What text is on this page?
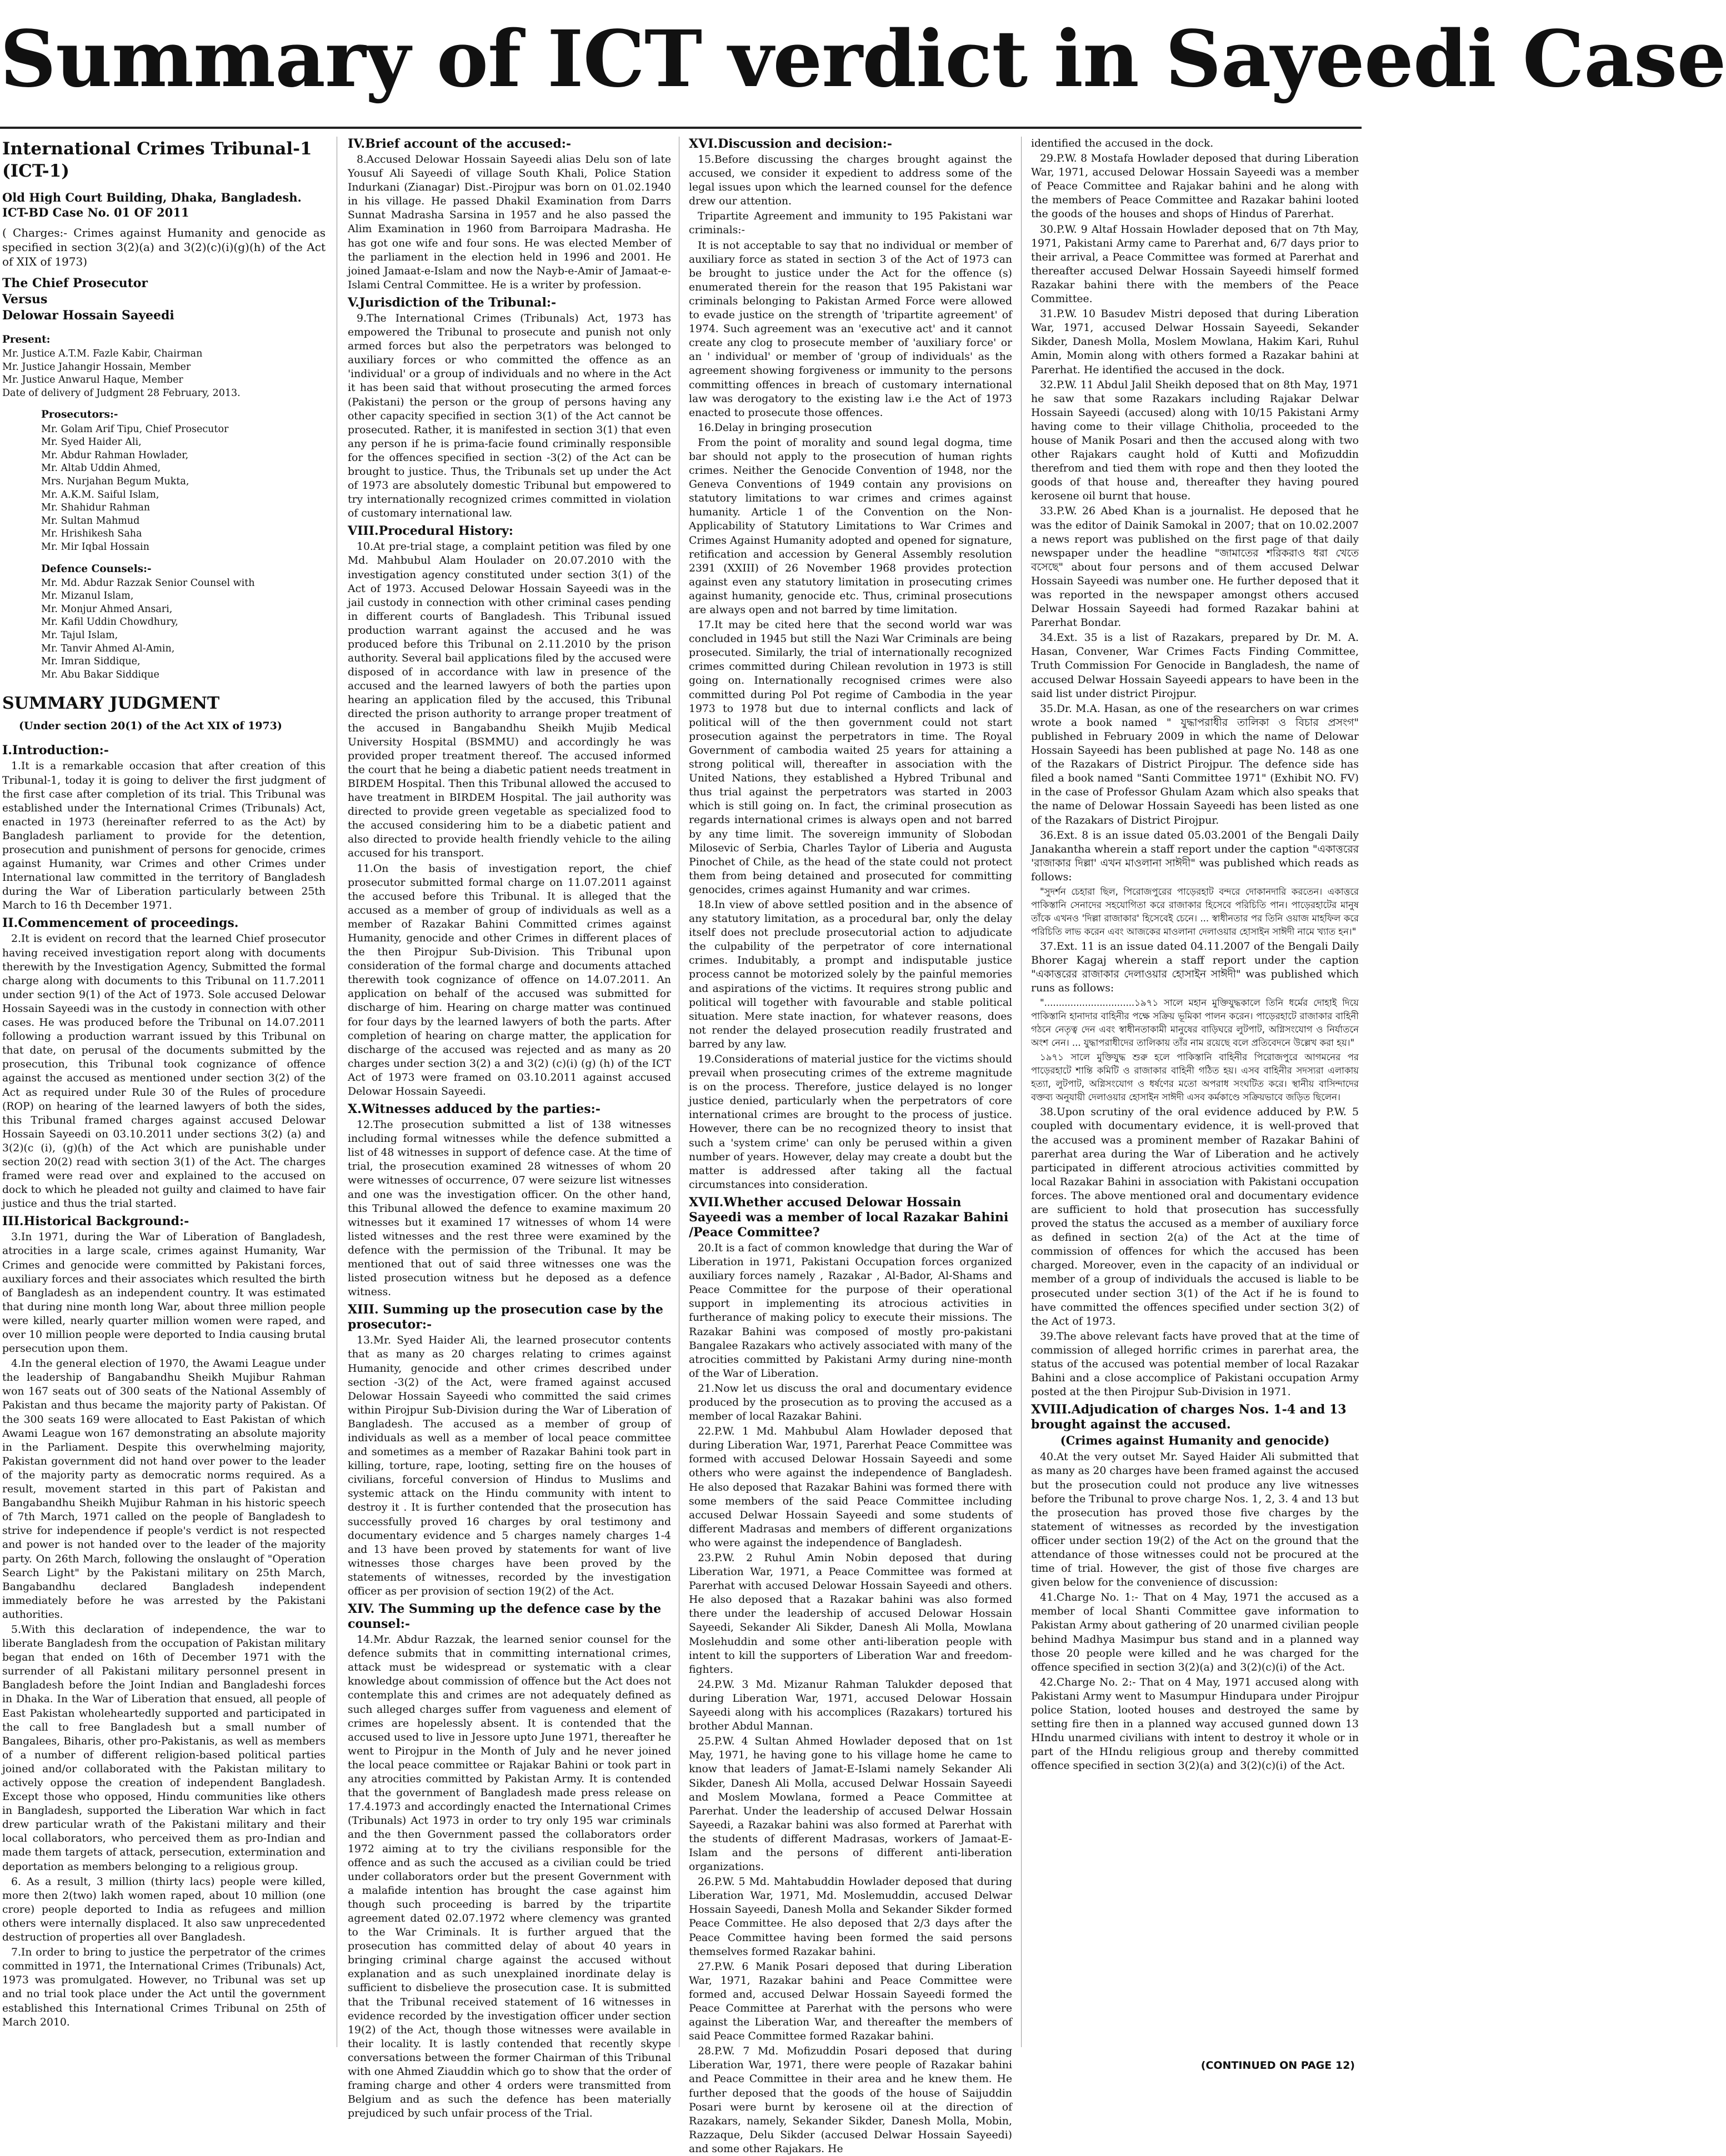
Summary of ICT verdict in Sayeedi Case
International Crimes Tribunal-1 (ICT-1)
Old High Court Building, Dhaka, Bangladesh.
ICT-BD Case No. 01 OF 2011
( Charges:- Crimes against Humanity and genocide as specified in section 3(2)(a) and 3(2)(c)(i)(g)(h) of the Act of XIX of 1973)
The Chief Prosecutor
Versus
Delowar Hossain Sayeedi
Present:
Mr. Justice A.T.M. Fazle Kabir, Chairman
Mr. Justice Jahangir Hossain, Member
Mr. Justice Anwarul Haque, Member
Date of delivery of Judgment 28 February, 2013.
Prosecutors:-
Mr. Golam Arif Tipu, Chief Prosecutor
Mr. Syed Haider Ali,
Mr. Abdur Rahman Howlader,
Mr. Altab Uddin Ahmed,
Mrs. Nurjahan Begum Mukta,
Mr. A.K.M. Saiful Islam,
Mr. Shahidur Rahman
Mr. Sultan Mahmud
Mr. Hrishikesh Saha
Mr. Mir Iqbal Hossain
Defence Counsels:-
Mr. Md. Abdur Razzak Senior Counsel with
Mr. Mizanul Islam,
Mr. Monjur Ahmed Ansari,
Mr. Kafil Uddin Chowdhury,
Mr. Tajul Islam,
Mr. Tanvir Ahmed Al-Amin,
Mr. Imran Siddique,
Mr. Abu Bakar Siddique
SUMMARY JUDGMENT
(Under section 20(1) of the Act XIX of 1973)
I.Introduction:-

1.It is a remarkable occasion that after creation of this Tribunal-1, today it is going to deliver the first judgment of the first case after completion of its trial. This Tribunal was established under the International Crimes (Tribunals) Act, enacted in 1973 (hereinafter referred to as the Act) by Bangladesh parliament to provide for the detention, prosecution and punishment of persons for genocide, crimes against Humanity, war Crimes and other Crimes under International law committed in the territory of Bangladesh during the War of Liberation particularly between 25th March to 16 th December 1971.

II.Commencement of proceedings.

2.It is evident on record that the learned Chief prosecutor having received investigation report along with documents therewith by the Investigation Agency, Submitted the formal charge along with documents to this Tribunal on 11.7.2011 under section 9(1) of the Act of 1973. Sole accused Delowar Hossain Sayeedi was in the custody in connection with other cases. He was produced before the Tribunal on 14.07.2011 following a production warrant issued by this Tribunal on that date, on perusal of the documents submitted by the prosecution, this Tribunal took cognizance of offence against the accused as mentioned under section 3(2) of the Act as required under Rule 30 of the Rules of procedure (ROP) on hearing of the learned lawyers of both the sides, this Tribunal framed charges against accused Delowar Hossain Sayeedi on 03.10.2011 under sections 3(2) (a) and 3(2)(c (i), (g)(h) of the Act which are punishable under section 20(2) read with section 3(1) of the Act. The charges framed were read over and explained to the accused on dock to which he pleaded not guilty and claimed to have fair justice and thus the trial started.

III.Historical Background:-

3.In 1971, during the War of Liberation of Bangladesh, atrocities in a large scale, crimes against Humanity, War Crimes and genocide were committed by Pakistani forces, auxiliary forces and their associates which resulted the birth of Bangladesh as an independent country. It was estimated that during nine month long War, about three million people were killed, nearly quarter million women were raped, and over 10 million people were deported to India causing brutal persecution upon them.

4.In the general election of 1970, the Awami League under the leadership of Bangabandhu Sheikh Mujibur Rahman won 167 seats out of 300 seats of the National Assembly of Pakistan and thus became the majority party of Pakistan. Of the 300 seats 169 were allocated to East Pakistan of which Awami League won 167 demonstrating an absolute majority in the Parliament. Despite this overwhelming majority, Pakistan government did not hand over power to the leader of the majority party as democratic norms required. As a result, movement started in this part of Pakistan and Bangabandhu Sheikh Mujibur Rahman in his historic speech of 7th March, 1971 called on the people of Bangladesh to strive for independence if people's verdict is not respected and power is not handed over to the leader of the majority party. On 26th March, following the onslaught of "Operation Search Light" by the Pakistani military on 25th March, Bangabandhu declared Bangladesh independent immediately before he was arrested by the Pakistani authorities.

5.With this declaration of independence, the war to liberate Bangladesh from the occupation of Pakistan military began that ended on 16th of December 1971 with the surrender of all Pakistani military personnel present in Bangladesh before the Joint Indian and Bangladeshi forces in Dhaka. In the War of Liberation that ensued, all people of East Pakistan wholeheartedly supported and participated in the call to free Bangladesh but a small number of Bangalees, Biharis, other pro-Pakistanis, as well as members of a number of different religion-based political parties joined and/or collaborated with the Pakistan military to actively oppose the creation of independent Bangladesh. Except those who opposed, Hindu communities like others in Bangladesh, supported the Liberation War which in fact drew particular wrath of the Pakistani military and their local collaborators, who perceived them as pro-Indian and made them targets of attack, persecution, extermination and deportation as members belonging to a religious group.

6. As a result, 3 million (thirty lacs) people were killed, more then 2(two) lakh women raped, about 10 million (one crore) people deported to India as refugees and million others were internally displaced. It also saw unprecedented destruction of properties all over Bangladesh.

7.In order to bring to justice the perpetrator of the crimes committed in 1971, the International Crimes (Tribunals) Act, 1973 was promulgated. However, no Tribunal was set up and no trial took place under the Act until the government established this International Crimes Tribunal on 25th of March 2010.

IV.Brief account of the accused:-

8.Accused Delowar Hossain Sayeedi alias Delu son of late Yousuf Ali Sayeedi of village South Khali, Police Station Indurkani (Zianagar) Dist.-Pirojpur was born on 01.02.1940 in his village. He passed Dhakil Examination from Darrs Sunnat Madrasha Sarsina in 1957 and he also passed the Alim Examination in 1960 from Barroipara Madrasha. He has got one wife and four sons. He was elected Member of the parliament in the election held in 1996 and 2001. He joined Jamaat-e-Islam and now the Nayb-e-Amir of Jamaat-e-Islami Central Committee. He is a writer by profession.

V.Jurisdiction of the Tribunal:-

9.The International Crimes (Tribunals) Act, 1973 has empowered the Tribunal to prosecute and punish not only armed forces but also the perpetrators was belonged to auxiliary forces or who committed the offence as an 'individual' or a group of individuals and no where in the Act it has been said that without prosecuting the armed forces (Pakistani) the person or the group of persons having any other capacity specified in section 3(1) of the Act cannot be prosecuted. Rather, it is manifested in section 3(1) that even any person if he is prima-facie found criminally responsible for the offences specified in section -3(2) of the Act can be brought to justice. Thus, the Tribunals set up under the Act of 1973 are absolutely domestic Tribunal but empowered to try internationally recognized crimes committed in violation of customary international law.

VIII.Procedural History:

10.At pre-trial stage, a complaint petition was filed by one Md. Mahbubul Alam Houlader on 20.07.2010 with the investigation agency constituted under section 3(1) of the Act of 1973. Accused Delowar Hossain Sayeedi was in the jail custody in connection with other criminal cases pending in different courts of Bangladesh. This Tribunal issued production warrant against the accused and he was produced before this Tribunal on 2.11.2010 by the prison authority. Several bail applications filed by the accused were disposed of in accordance with law in presence of the accused and the learned lawyers of both the parties upon hearing an application filed by the accused, this Tribunal directed the prison authority to arrange proper treatment of the accused in Bangabandhu Sheikh Mujib Medical University Hospital (BSMMU) and accordingly he was provided proper treatment thereof. The accused informed the court that he being a diabetic patient needs treatment in BIRDEM Hospital. Then this Tribunal allowed the accused to have treatment in BIRDEM Hospital. The jail authority was directed to provide green vegetable as specialized food to the accused considering him to be a diabetic patient and also directed to provide health friendly vehicle to the ailing accused for his transport.

11.On the basis of investigation report, the chief prosecutor submitted formal charge on 11.07.2011 against the accused before this Tribunal. It is alleged that the accused as a member of group of individuals as well as a member of Razakar Bahini Committed crimes against Humanity, genocide and other Crimes in different places of the then Pirojpur Sub-Division. This Tribunal upon consideration of the formal charge and documents attached therewith took cognizance of offence on 14.07.2011. An application on behalf of the accused was submitted for discharge of him. Hearing on charge matter was continued for four days by the learned lawyers of both the parts. After completion of hearing on charge matter, the application for discharge of the accused was rejected and as many as 20 charges under section 3(2) a and 3(2) (c)(i) (g) (h) of the ICT Act of 1973 were framed on 03.10.2011 against accused Delowar Hossain Sayeedi.

X.Witnesses adduced by the parties:-

12.The prosecution submitted a list of 138 witnesses including formal witnesses while the defence submitted a list of 48 witnesses in support of defence case. At the time of trial, the prosecution examined 28 witnesses of whom 20 were witnesses of occurrence, 07 were seizure list witnesses and one was the investigation officer. On the other hand, this Tribunal allowed the defence to examine maximum 20 witnesses but it examined 17 witnesses of whom 14 were listed witnesses and the rest three were examined by the defence with the permission of the Tribunal. It may be mentioned that out of said three witnesses one was the listed prosecution witness but he deposed as a defence witness.

XIII. Summing up the prosecution case by the prosecutor:-

13.Mr. Syed Haider Ali, the learned prosecutor contents that as many as 20 charges relating to crimes against Humanity, genocide and other crimes described under section -3(2) of the Act, were framed against accused Delowar Hossain Sayeedi who committed the said crimes within Pirojpur Sub-Division during the War of Liberation of Bangladesh. The accused as a member of group of individuals as well as a member of local peace committee and sometimes as a member of Razakar Bahini took part in killing, torture, rape, looting, setting fire on the houses of civilians, forceful conversion of Hindus to Muslims and systemic attack on the Hindu community with intent to destroy it . It is further contended that the prosecution has successfully proved 16 charges by oral testimony and documentary evidence and 5 charges namely charges 1-4 and 13 have been proved by statements for want of live witnesses those charges have been proved by the statements of witnesses, recorded by the investigation officer as per provision of section 19(2) of the Act.

XIV. The Summing up the defence case by the counsel:-

14.Mr. Abdur Razzak, the learned senior counsel for the defence submits that in committing international crimes, attack must be widespread or systematic with a clear knowledge about commission of offence but the Act does not contemplate this and crimes are not adequately defined as such alleged charges suffer from vagueness and element of crimes are hopelessly absent. It is contended that the accused used to live in Jessore upto June 1971, thereafter he went to Pirojpur in the Month of July and he never joined the local peace committee or Rajakar Bahini or took part in any atrocities committed by Pakistan Army. It is contended that the government of Bangladesh made press release on 17.4.1973 and accordingly enacted the International Crimes (Tribunals) Act 1973 in order to try only 195 war criminals and the then Government passed the collaborators order 1972 aiming at to try the civilians responsible for the offence and as such the accused as a civilian could be tried under collaborators order but the present Government with a malafide intention has brought the case against him though such proceeding is barred by the tripartite agreement dated 02.07.1972 where clemency was granted to the War Criminals. It is further argued that the prosecution has committed delay of about 40 years in bringing criminal charge against the accused without explanation and as such unexplained inordinate delay is sufficient to disbelieve the prosecution case. It is submitted that the Tribunal received statement of 16 witnesses in evidence recorded by the investigation officer under section 19(2) of the Act, though those witnesses were available in their locality. It is lastly contended that recently skype conversations between the former Chairman of this Tribunal with one Ahmed Ziauddin which go to show that the order of framing charge and other 4 orders were transmitted from Belgium and as such the defence has been materially prejudiced by such unfair process of the Trial.

XVI.Discussion and decision:-

15.Before discussing the charges brought against the accused, we consider it expedient to address some of the legal issues upon which the learned counsel for the defence drew our attention.

Tripartite Agreement and immunity to 195 Pakistani war criminals:-

It is not acceptable to say that no individual or member of auxiliary force as stated in section 3 of the Act of 1973 can be brought to justice under the Act for the offence (s) enumerated therein for the reason that 195 Pakistani war criminals belonging to Pakistan Armed Force were allowed to evade justice on the strength of 'tripartite agreement' of 1974. Such agreement was an 'executive act' and it cannot create any clog to prosecute member of 'auxiliary force' or an ' individual' or member of 'group of individuals' as the agreement showing forgiveness or immunity to the persons committing offences in breach of customary international law was derogatory to the existing law i.e the Act of 1973 enacted to prosecute those offences.

16.Delay in bringing prosecution

From the point of morality and sound legal dogma, time bar should not apply to the prosecution of human rights crimes. Neither the Genocide Convention of 1948, nor the Geneva Conventions of 1949 contain any provisions on statutory limitations to war crimes and crimes against humanity. Article 1 of the Convention on the Non-Applicability of Statutory Limitations to War Crimes and Crimes Against Humanity adopted and opened for signature, retification and accession by General Assembly resolution 2391 (XXIII) of 26 November 1968 provides protection against even any statutory limitation in prosecuting crimes against humanity, genocide etc. Thus, criminal prosecutions are always open and not barred by time limitation.

17.It may be cited here that the second world war was concluded in 1945 but still the Nazi War Criminals are being prosecuted. Similarly, the trial of internationally recognized crimes committed during Chilean revolution in 1973 is still going on. Internationally recognised crimes were also committed during Pol Pot regime of Cambodia in the year 1973 to 1978 but due to internal conflicts and lack of political will of the then government could not start prosecution against the perpetrators in time. The Royal Government of cambodia waited 25 years for attaining a strong political will, thereafter in association with the United Nations, they established a Hybred Tribunal and thus trial against the perpetrators was started in 2003 which is still going on. In fact, the criminal prosecution as regards international crimes is always open and not barred by any time limit. The sovereign immunity of Slobodan Milosevic of Serbia, Charles Taylor of Liberia and Augusta Pinochet of Chile, as the head of the state could not protect them from being detained and prosecuted for committing genocides, crimes against Humanity and war crimes.

18.In view of above settled position and in the absence of any statutory limitation, as a procedural bar, only the delay itself does not preclude prosecutorial action to adjudicate the culpability of the perpetrator of core international crimes. Indubitably, a prompt and indisputable justice process cannot be motorized solely by the painful memories and aspirations of the victims. It requires strong public and political will together with favourable and stable political situation. Mere state inaction, for whatever reasons, does not render the delayed prosecution readily frustrated and barred by any law.

19.Considerations of material justice for the victims should prevail when prosecuting crimes of the extreme magnitude is on the process. Therefore, justice delayed is no longer justice denied, particularly when the perpetrators of core international crimes are brought to the process of justice. However, there can be no recognized theory to insist that such a 'system crime' can only be perused within a given number of years. However, delay may create a doubt but the matter is addressed after taking all the factual circumstances into consideration.

XVII.Whether accused Delowar Hossain Sayeedi was a member of local Razakar Bahini /Peace Committee?

20.It is a fact of common knowledge that during the War of Liberation in 1971, Pakistani Occupation forces organized auxiliary forces namely , Razakar , Al-Bador, Al-Shams and Peace Committee for the purpose of their operational support in implementing its atrocious activities in furtherance of making policy to execute their missions. The Razakar Bahini was composed of mostly pro-pakistani Bangalee Razakars who actively associated with many of the atrocities committed by Pakistani Army during nine-month of the War of Liberation.

21.Now let us discuss the oral and documentary evidence produced by the prosecution as to proving the accused as a member of local Razakar Bahini.

22.P.W. 1 Md. Mahbubul Alam Howlader deposed that during Liberation War, 1971, Parerhat Peace Committee was formed with accused Delowar Hossain Sayeedi and some others who were against the independence of Bangladesh. He also deposed that Razakar Bahini was formed there with some members of the said Peace Committee including accused Delwar Hossain Sayeedi and some students of different Madrasas and members of different organizations who were against the independence of Bangladesh.

23.P.W. 2 Ruhul Amin Nobin deposed that during Liberation War, 1971, a Peace Committee was formed at Parerhat with accused Delowar Hossain Sayeedi and others. He also deposed that a Razakar bahini was also formed there under the leadership of accused Delowar Hossain Sayeedi, Sekander Ali Sikder, Danesh Ali Molla, Mowlana Moslehuddin and some other anti-liberation people with intent to kill the supporters of Liberation War and freedom-fighters.

24.P.W. 3 Md. Mizanur Rahman Talukder deposed that during Liberation War, 1971, accused Delowar Hossain Sayeedi along with his accomplices (Razakars) tortured his brother Abdul Mannan.

25.P.W. 4 Sultan Ahmed Howlader deposed that on 1st May, 1971, he having gone to his village home he came to know that leaders of Jamat-E-Islami namely Sekander Ali Sikder, Danesh Ali Molla, accused Delwar Hossain Sayeedi and Moslem Mowlana, formed a Peace Committee at Parerhat. Under the leadership of accused Delwar Hossain Sayeedi, a Razakar bahini was also formed at Parerhat with the students of different Madrasas, workers of Jamaat-E-Islam and the persons of different anti-liberation organizations.

26.P.W. 5 Md. Mahtabuddin Howlader deposed that during Liberation War, 1971, Md. Moslemuddin, accused Delwar Hossain Sayeedi, Danesh Molla and Sekander Sikder formed Peace Committee. He also deposed that 2/3 days after the Peace Committee having been formed the said persons themselves formed Razakar bahini.

27.P.W. 6 Manik Posari deposed that during Liberation War, 1971, Razakar bahini and Peace Committee were formed and, accused Delwar Hossain Sayeedi formed the Peace Committee at Parerhat with the persons who were against the Liberation War, and thereafter the members of said Peace Committee formed Razakar bahini.

28.P.W. 7 Md. Mofizuddin Posari deposed that during Liberation War, 1971, there were people of Razakar bahini and Peace Committee in their area and he knew them. He further deposed that the goods of the house of Saijuddin Posari were burnt by kerosene oil at the direction of Razakars, namely, Sekander Sikder, Danesh Molla, Mobin, Razzaque, Delu Sikder (accused Delwar Hossain Sayeedi) and some other Rajakars. He

identified the accused in the dock.

29.P.W. 8 Mostafa Howlader deposed that during Liberation War, 1971, accused Delowar Hossain Sayeedi was a member of Peace Committee and Rajakar bahini and he along with the members of Peace Committee and Razakar bahini looted the goods of the houses and shops of Hindus of Parerhat.

30.P.W. 9 Altaf Hossain Howlader deposed that on 7th May, 1971, Pakistani Army came to Parerhat and, 6/7 days prior to their arrival, a Peace Committee was formed at Parerhat and thereafter accused Delwar Hossain Sayeedi himself formed Razakar bahini there with the members of the Peace Committee.

31.P.W. 10 Basudev Mistri deposed that during Liberation War, 1971, accused Delwar Hossain Sayeedi, Sekander Sikder, Danesh Molla, Moslem Mowlana, Hakim Kari, Ruhul Amin, Momin along with others formed a Razakar bahini at Parerhat. He identified the accused in the dock.

32.P.W. 11 Abdul Jalil Sheikh deposed that on 8th May, 1971 he saw that some Razakars including Rajakar Delwar Hossain Sayeedi (accused) along with 10/15 Pakistani Army having come to their village Chitholia, proceeded to the house of Manik Posari and then the accused along with two other Rajakars caught hold of Kutti and Mofizuddin therefrom and tied them with rope and then they looted the goods of that house and, thereafter they having poured kerosene oil burnt that house.

33.P.W. 26 Abed Khan is a journalist. He deposed that he was the editor of Dainik Samokal in 2007; that on 10.02.2007 a news report was published on the first page of that daily newspaper under the headline "জামাতের শরিকরাও ধরা খেতে বসেছে" about four persons and of them accused Delwar Hossain Sayeedi was number one. He further deposed that it was reported in the newspaper amongst others accused Delwar Hossain Sayeedi had formed Razakar bahini at Parerhat Bondar.

34.Ext. 35 is a list of Razakars, prepared by Dr. M. A. Hasan, Convener, War Crimes Facts Finding Committee, Truth Commission For Genocide in Bangladesh, the name of accused Delwar Hossain Sayeedi appears to have been in the said list under district Pirojpur.

35.Dr. M.A. Hasan, as one of the researchers on war crimes wrote a book named " যুদ্ধাপরাধীর তালিকা ও বিচার প্রসংগ" published in February 2009 in which the name of Delowar Hossain Sayeedi has been published at page No. 148 as one of the Razakars of District Pirojpur. The defence side has filed a book named "Santi Committee 1971" (Exhibit NO. FV) in the case of Professor Ghulam Azam which also speaks that the name of Delowar Hossain Sayeedi has been listed as one of the Razakars of District Pirojpur.

36.Ext. 8 is an issue dated 05.03.2001 of the Bengali Daily Janakantha wherein a staff report under the caption "একাত্তরের 'রাজাকার দিল্লা' এখন মাওলানা সাঈদী" was published which reads as follows:

"সুদর্শন চেহারা ছিল, পিরোজপুরের পাড়েরহাট বন্দরে দোকানদারি করতেন। একাত্তরে পাকিস্তানি সেনাদের সহযোগিতা করে রাজাকার হিসেবে পরিচিতি পান। পাড়েরহাটের মানুষ তাঁকে এখনও 'দিল্লা রাজাকার' হিসেবেই চেনে। ... স্বাধীনতার পর তিনি ওয়াজ মাহফিল করে পরিচিতি লাভ করেন এবং আজকের মাওলানা দেলাওয়ার হোসাইন সাঈদী নামে খ্যাত হন।"

37.Ext. 11 is an issue dated 04.11.2007 of the Bengali Daily Bhorer Kagaj wherein a staff report under the caption "একাত্তরের রাজাকার দেলাওয়ার হোসাইন সাঈদী" was published which runs as follows:

"...............................১৯৭১ সালে মহান মুক্তিযুদ্ধকালে তিনি ধর্মের দোহাই দিয়ে পাকিস্তানি হানাদার বাহিনীর পক্ষে সক্রিয় ভূমিকা পালন করেন। পাড়েরহাটে রাজাকার বাহিনী গঠনে নেতৃত্ব দেন এবং স্বাধীনতাকামী মানুষের বাড়িঘরে লুটপাট, অগ্নিসংযোগ ও নির্যাতনে অংশ নেন। ... যুদ্ধাপরাধীদের তালিকায় তাঁর নাম রয়েছে বলে প্রতিবেদনে উল্লেখ করা হয়।"

১৯৭১ সালে মুক্তিযুদ্ধ শুরু হলে পাকিস্তানি বাহিনীর পিরোজপুরে আগমনের পর পাড়েরহাটে শান্তি কমিটি ও রাজাকার বাহিনী গঠিত হয়। এসব বাহিনীর সদস্যরা এলাকায় হত্যা, লুটপাট, অগ্নিসংযোগ ও ধর্ষণের মতো অপরাধ সংঘটিত করে। স্থানীয় বাসিন্দাদের বক্তব্য অনুযায়ী দেলাওয়ার হোসাইন সাঈদী এসব কর্মকাণ্ডে সক্রিয়ভাবে জড়িত ছিলেন।

38.Upon scrutiny of the oral evidence adduced by P.W. 5 coupled with documentary evidence, it is well-proved that the accused was a prominent member of Razakar Bahini of parerhat area during the War of Liberation and he actively participated in different atrocious activities committed by local Razakar Bahini in association with Pakistani occupation forces. The above mentioned oral and documentary evidence are sufficient to hold that prosecution has successfully proved the status the accused as a member of auxiliary force as defined in section 2(a) of the Act at the time of commission of offences for which the accused has been charged. Moreover, even in the capacity of an individual or member of a group of individuals the accused is liable to be prosecuted under section 3(1) of the Act if he is found to have committed the offences specified under section 3(2) of the Act of 1973.

39.The above relevant facts have proved that at the time of commission of alleged horrific crimes in parerhat area, the status of the accused was potential member of local Razakar Bahini and a close accomplice of Pakistani occupation Army posted at the then Pirojpur Sub-Division in 1971.

XVIII.Adjudication of charges Nos. 1-4 and 13 brought against the accused.
(Crimes against Humanity and genocide)

40.At the very outset Mr. Sayed Haider Ali submitted that as many as 20 charges have been framed against the accused but the prosecution could not produce any live witnesses before the Tribunal to prove charge Nos. 1, 2, 3. 4 and 13 but the prosecution has proved those five charges by the statement of witnesses as recorded by the investigation officer under section 19(2) of the Act on the ground that the attendance of those witnesses could not be procured at the time of trial. However, the gist of those five charges are given below for the convenience of discussion:

41.Charge No. 1:- That on 4 May, 1971 the accused as a member of local Shanti Committee gave information to Pakistan Army about gathering of 20 unarmed civilian people behind Madhya Masimpur bus stand and in a planned way those 20 people were killed and he was charged for the offence specified in section 3(2)(a) and 3(2)(c)(i) of the Act.

42.Charge No. 2:- That on 4 May, 1971 accused along with Pakistani Army went to Masumpur Hindupara under Pirojpur police Station, looted houses and destroyed the same by setting fire then in a planned way accused gunned down 13 HIndu unarmed civilians with intent to destroy it whole or in part of the HIndu religious group and thereby committed offence specified in section 3(2)(a) and 3(2)(c)(i) of the Act.

(CONTINUED ON PAGE 12)
